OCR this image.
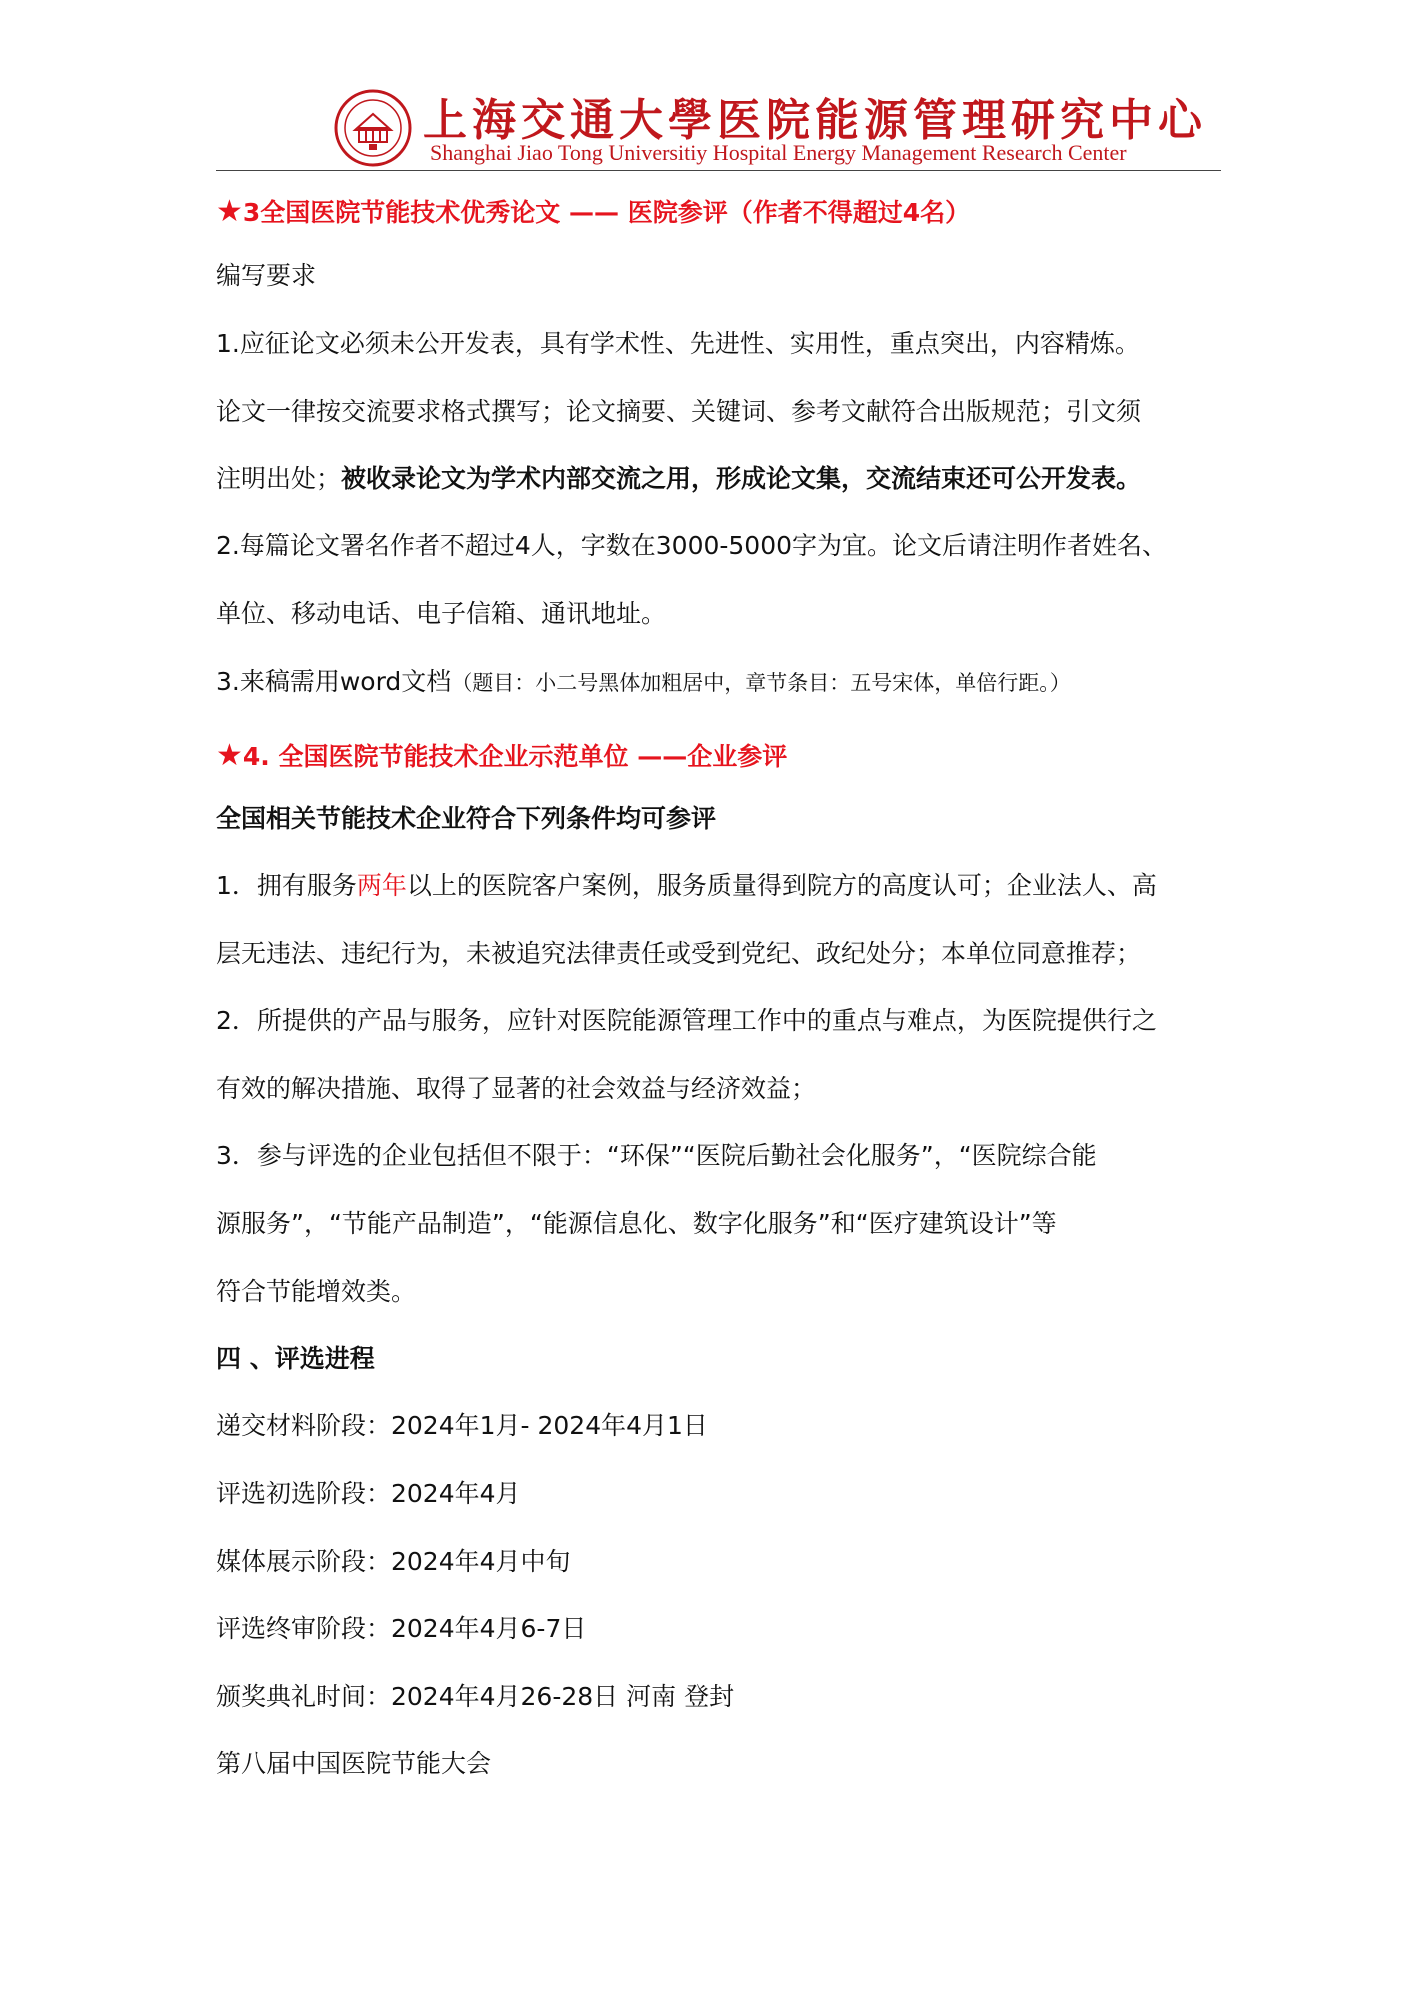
上海交通大學医院能源管理研究中心
Shanghai Jiao Tong Universitiy Hospital Energy Management Research Center
★3全国医院节能技术优秀论文 —— 医院参评（作者不得超过4名）
编写要求
1.应征论文必须未公开发表，具有学术性、先进性、实用性，重点突出，内容精炼。
论文一律按交流要求格式撰写；论文摘要、关键词、参考文献符合出版规范；引文须
注明出处；被收录论文为学术内部交流之用，形成论文集，交流结束还可公开发表。
2.每篇论文署名作者不超过4人，字数在3000-5000字为宜。论文后请注明作者姓名、
单位、移动电话、电子信箱、通讯地址。
3.来稿需用word文档（题目：小二号黑体加粗居中，章节条目：五号宋体，单倍行距。）
★4. 全国医院节能技术企业示范单位 ——企业参评
全国相关节能技术企业符合下列条件均可参评
1．拥有服务两年以上的医院客户案例，服务质量得到院方的高度认可；企业法人、高
层无违法、违纪行为，未被追究法律责任或受到党纪、政纪处分；本单位同意推荐；
2．所提供的产品与服务，应针对医院能源管理工作中的重点与难点，为医院提供行之
有效的解决措施、取得了显著的社会效益与经济效益；
3．参与评选的企业包括但不限于：“环保”“医院后勤社会化服务”，“医院综合能
源服务”，“节能产品制造”，“能源信息化、数字化服务”和“医疗建筑设计”等
符合节能增效类。
四 、评选进程
递交材料阶段：2024年1月- 2024年4月1日
评选初选阶段：2024年4月
媒体展示阶段：2024年4月中旬
评选终审阶段：2024年4月6-7日
颁奖典礼时间：2024年4月26-28日 河南 登封
第八届中国医院节能大会
